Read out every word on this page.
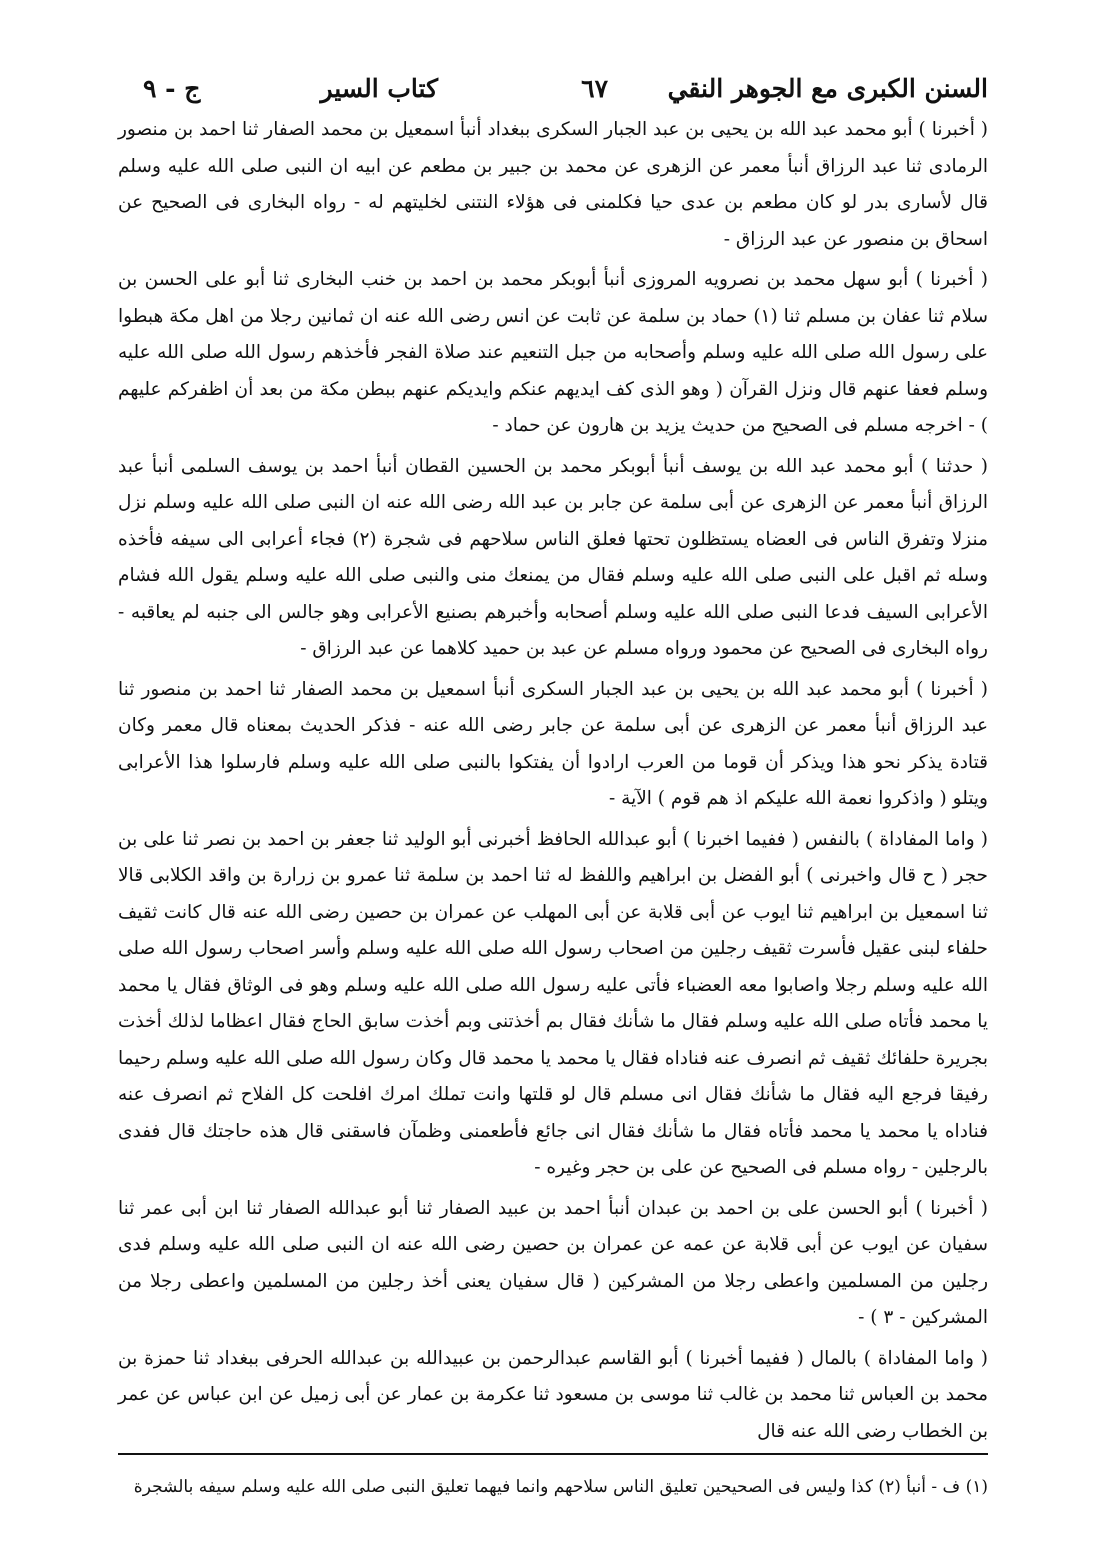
السنن الكبرى مع الجوهر النقي
٦٧
كتاب السير
ج - ٩

( أخبرنا ) أبو محمد عبد الله بن يحيى بن عبد الجبار السكرى ببغداد أنبأ اسمعيل بن محمد الصفار ثنا احمد بن منصور الرمادى ثنا عبد الرزاق أنبأ معمر عن الزهرى عن محمد بن جبير بن مطعم عن ابيه ان النبى صلى الله عليه وسلم قال لأسارى بدر لو كان مطعم بن عدى حيا فكلمنى فى هؤلاء النتنى لخليتهم له - رواه البخارى فى الصحيح عن اسحاق بن منصور عن عبد الرزاق -

( أخبرنا ) أبو سهل محمد بن نصرويه المروزى أنبأ أبوبكر محمد بن احمد بن خنب البخارى ثنا أبو على الحسن بن سلام ثنا عفان بن مسلم ثنا (١) حماد بن سلمة عن ثابت عن انس رضى الله عنه ان ثمانين رجلا من اهل مكة هبطوا على رسول الله صلى الله عليه وسلم وأصحابه من جبل التنعيم عند صلاة الفجر فأخذهم رسول الله صلى الله عليه وسلم فعفا عنهم قال ونزل القرآن ( وهو الذى كف ايديهم عنكم وايديكم عنهم ببطن مكة من بعد أن اظفركم عليهم ) - اخرجه مسلم فى الصحيح من حديث يزيد بن هارون عن حماد -

( حدثنا ) أبو محمد عبد الله بن يوسف أنبأ أبوبكر محمد بن الحسين القطان أنبأ احمد بن يوسف السلمى أنبأ عبد الرزاق أنبأ معمر عن الزهرى عن أبى سلمة عن جابر بن عبد الله رضى الله عنه ان النبى صلى الله عليه وسلم نزل منزلا وتفرق الناس فى العضاه يستظلون تحتها فعلق الناس سلاحهم فى شجرة (٢) فجاء أعرابى الى سيفه فأخذه وسله ثم اقبل على النبى صلى الله عليه وسلم فقال من يمنعك منى والنبى صلى الله عليه وسلم يقول الله فشام الأعرابى السيف فدعا النبى صلى الله عليه وسلم أصحابه وأخبرهم بصنيع الأعرابى وهو جالس الى جنبه لم يعاقبه - رواه البخارى فى الصحيح عن محمود ورواه مسلم عن عبد بن حميد كلاهما عن عبد الرزاق -

( أخبرنا ) أبو محمد عبد الله بن يحيى بن عبد الجبار السكرى أنبأ اسمعيل بن محمد الصفار ثنا احمد بن منصور ثنا عبد الرزاق أنبأ معمر عن الزهرى عن أبى سلمة عن جابر رضى الله عنه - فذكر الحديث بمعناه قال معمر وكان قتادة يذكر نحو هذا ويذكر أن قوما من العرب ارادوا أن يفتكوا بالنبى صلى الله عليه وسلم فارسلوا هذا الأعرابى ويتلو ( واذكروا نعمة الله عليكم اذ هم قوم ) الآية -

( واما المفاداة ) بالنفس ( ففيما اخبرنا ) أبو عبدالله الحافظ أخبرنى أبو الوليد ثنا جعفر بن احمد بن نصر ثنا على بن حجر ( ح قال واخبرنى ) أبو الفضل بن ابراهيم واللفظ له ثنا احمد بن سلمة ثنا عمرو بن زرارة بن واقد الكلابى قالا ثنا اسمعيل بن ابراهيم ثنا ايوب عن أبى قلابة عن أبى المهلب عن عمران بن حصين رضى الله عنه قال كانت ثقيف حلفاء لبنى عقيل فأسرت ثقيف رجلين من اصحاب رسول الله صلى الله عليه وسلم وأسر اصحاب رسول الله صلى الله عليه وسلم رجلا واصابوا معه العضباء فأتى عليه رسول الله صلى الله عليه وسلم وهو فى الوثاق فقال يا محمد يا محمد فأتاه صلى الله عليه وسلم فقال ما شأنك فقال بم أخذتنى وبم أخذت سابق الحاج فقال اعظاما لذلك أخذت بجريرة حلفائك ثقيف ثم انصرف عنه فناداه فقال يا محمد يا محمد قال وكان رسول الله صلى الله عليه وسلم رحيما رفيقا فرجع اليه فقال ما شأنك فقال انى مسلم قال لو قلتها وانت تملك امرك افلحت كل الفلاح ثم انصرف عنه فناداه يا محمد يا محمد فأتاه فقال ما شأنك فقال انى جائع فأطعمنى وظمآن فاسقنى قال هذه حاجتك قال ففدى بالرجلين - رواه مسلم فى الصحيح عن على بن حجر وغيره -

( أخبرنا ) أبو الحسن على بن احمد بن عبدان أنبأ احمد بن عبيد الصفار ثنا أبو عبدالله الصفار ثنا ابن أبى عمر ثنا سفيان عن ايوب عن أبى قلابة عن عمه عن عمران بن حصين رضى الله عنه ان النبى صلى الله عليه وسلم فدى رجلين من المسلمين واعطى رجلا من المشركين ( قال سفيان يعنى أخذ رجلين من المسلمين واعطى رجلا من المشركين - ٣ ) -

( واما المفاداة ) بالمال ( ففيما أخبرنا ) أبو القاسم عبدالرحمن بن عبيدالله بن عبدالله الحرفى ببغداد ثنا حمزة بن محمد بن العباس ثنا محمد بن غالب ثنا موسى بن مسعود ثنا عكرمة بن عمار عن أبى زميل عن ابن عباس عن عمر بن الخطاب رضى الله عنه قال

(١) ف - أنبأ (٢) كذا وليس فى الصحيحين تعليق الناس سلاحهم وانما فيهما تعليق النبى صلى الله عليه وسلم سيفه بالشجرة
